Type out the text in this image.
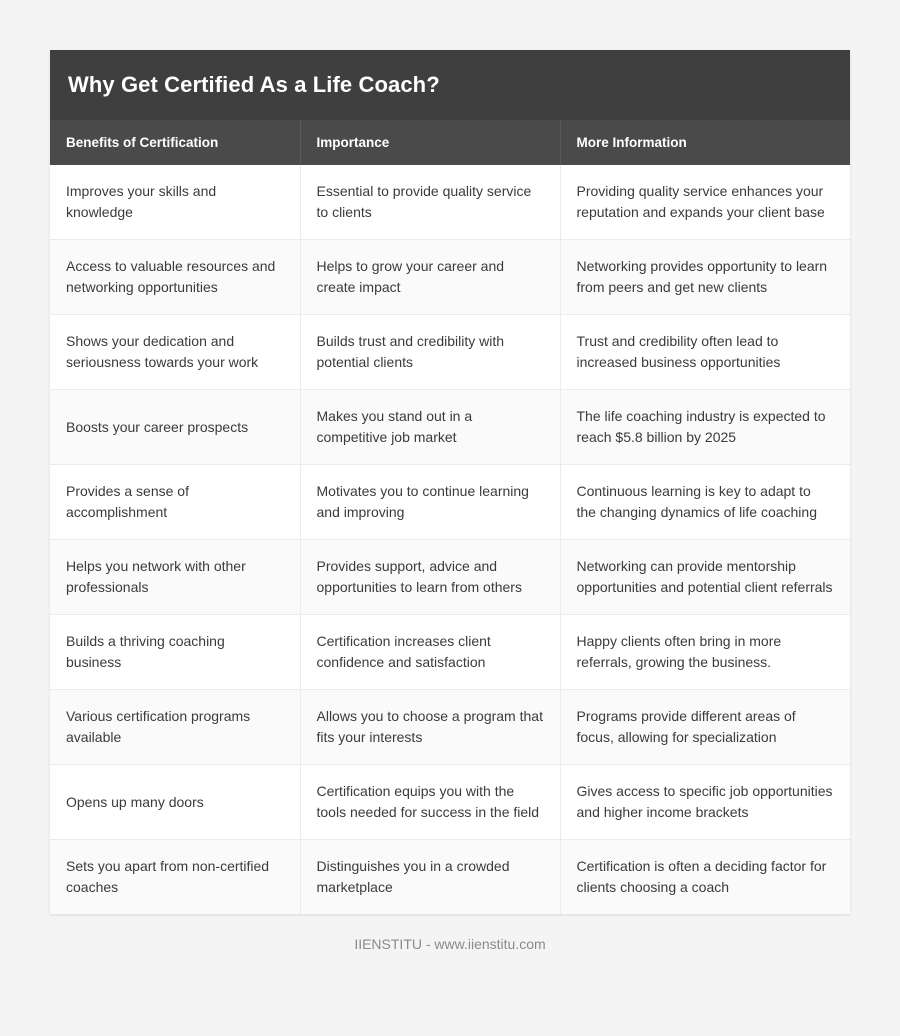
Why Get Certified As a Life Coach?
Benefits of Certification	Importance	More Information
Improves your skills and knowledge	Essential to provide quality service to clients	Providing quality service enhances your reputation and expands your client base
Access to valuable resources and networking opportunities	Helps to grow your career and create impact	Networking provides opportunity to learn from peers and get new clients
Shows your dedication and seriousness towards your work	Builds trust and credibility with potential clients	Trust and credibility often lead to increased business opportunities
Boosts your career prospects	Makes you stand out in a competitive job market	The life coaching industry is expected to reach $5.8 billion by 2025
Provides a sense of accomplishment	Motivates you to continue learning and improving	Continuous learning is key to adapt to the changing dynamics of life coaching
Helps you network with other professionals	Provides support, advice and opportunities to learn from others	Networking can provide mentorship opportunities and potential client referrals
Builds a thriving coaching business	Certification increases client confidence and satisfaction	Happy clients often bring in more referrals, growing the business.
Various certification programs available	Allows you to choose a program that fits your interests	Programs provide different areas of focus, allowing for specialization
Opens up many doors	Certification equips you with the tools needed for success in the field	Gives access to specific job opportunities and higher income brackets
Sets you apart from non-certified coaches	Distinguishes you in a crowded marketplace	Certification is often a deciding factor for clients choosing a coach
IIENSTITU - www.iienstitu.com
